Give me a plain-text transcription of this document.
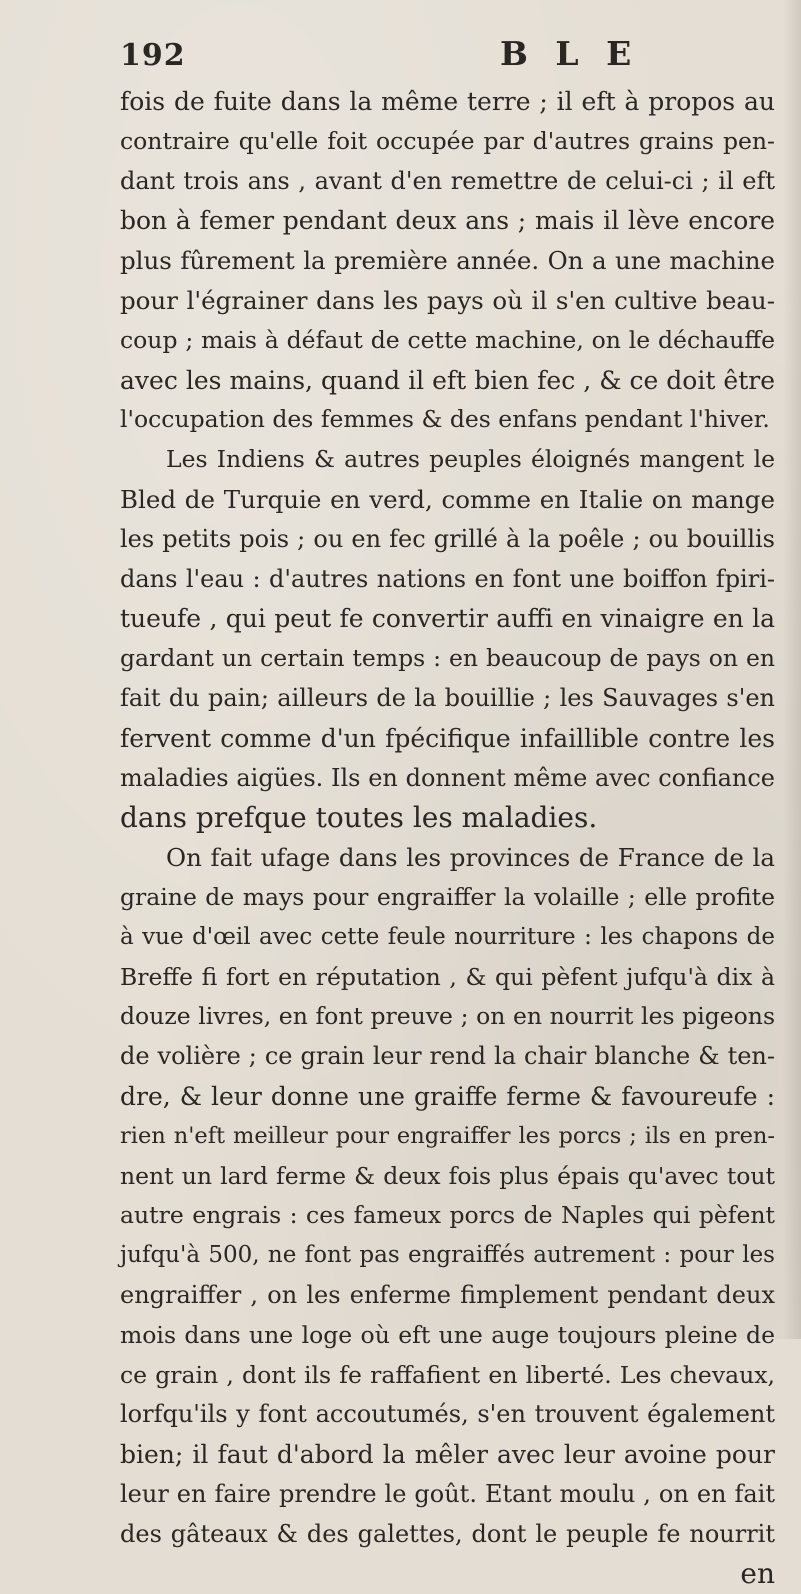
192	B L E
fois de fuite dans la même terre ; il eft à propos au
contraire qu'elle foit occupée par d'autres grains pen-
dant trois ans , avant d'en remettre de celui-ci ; il eft
bon à femer pendant deux ans ; mais il lève encore
plus fûrement la première année. On a une machine
pour l'égrainer dans les pays où il s'en cultive beau-
coup ; mais à défaut de cette machine, on le déchauffe
avec les mains, quand il eft bien fec , & ce doit être
l'occupation des femmes & des enfans pendant l'hiver.
Les Indiens & autres peuples éloignés mangent le
Bled de Turquie en verd, comme en Italie on mange
les petits pois ; ou en fec grillé à la poêle ; ou bouillis
dans l'eau : d'autres nations en font une boiffon fpiri-
tueufe , qui peut fe convertir auffi en vinaigre en la
gardant un certain temps : en beaucoup de pays on en
fait du pain; ailleurs de la bouillie ; les Sauvages s'en
fervent comme d'un fpécifique infaillible contre les
maladies aigües. Ils en donnent même avec confiance
dans prefque toutes les maladies.
On fait ufage dans les provinces de France de la
graine de mays pour engraiffer la volaille ; elle profite
à vue d'œil avec cette feule nourriture : les chapons de
Breffe fi fort en réputation , & qui pèfent jufqu'à dix à
douze livres, en font preuve ; on en nourrit les pigeons
de volière ; ce grain leur rend la chair blanche & ten-
dre, & leur donne une graiffe ferme & favoureufe :
rien n'eft meilleur pour engraiffer les porcs ; ils en pren-
nent un lard ferme & deux fois plus épais qu'avec tout
autre engrais : ces fameux porcs de Naples qui pèfent
jufqu'à 500, ne font pas engraiffés autrement : pour les
engraiffer , on les enferme fimplement pendant deux
mois dans une loge où eft une auge toujours pleine de
ce grain , dont ils fe raffafient en liberté. Les chevaux,
lorfqu'ils y font accoutumés, s'en trouvent également
bien; il faut d'abord la mêler avec leur avoine pour
leur en faire prendre le goût. Etant moulu , on en fait
des gâteaux & des galettes, dont le peuple fe nourrit
en
